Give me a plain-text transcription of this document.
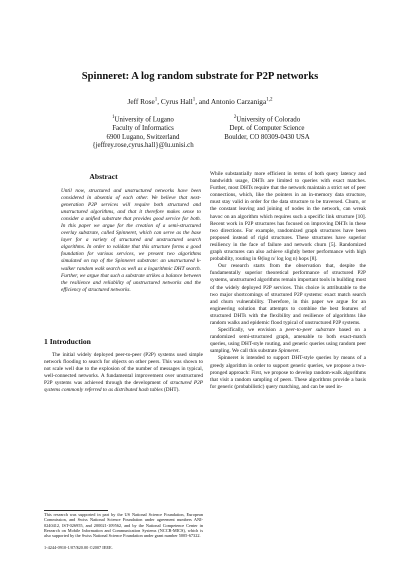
Spinneret: A log random substrate for P2P networks
Jeff Rose$^1$, Cyrus Hall$^1$, and Antonio Carzaniga$^{1,2}$
$^1$University of Lugano
Faculty of Informatics
6900 Lugano, Switzerland
{jeffrey.rose,cyrus.hall}@lu.unisi.ch
$^2$University of Colorado
Dept. of Computer Science
Boulder, CO 80309-0430 USA
Abstract
Until now, structured and unstructured networks have been considered in absentia of each other. We believe that next-generation P2P services will require both structured and unstructured algorithms, and that it therefore makes sense to consider a unified substrate that provides good service for both. In this paper we argue for the creation of a semi-structured overlay substrate, called Spinneret, which can serve as the base layer for a variety of structured and unstructured search algorithms. In order to validate that this structure forms a good foundation for various services, we present two algorithms simulated on top of the Spinneret substrate: an unstructured k-walker random walk search as well as a logarithmic DHT search. Further, we argue that such a substrate strikes a balance between the resilience and reliability of unstructured networks and the efficiency of structured networks.
1 Introduction

The initial widely deployed peer-to-peer (P2P) systems used simple network flooding to search for objects on other peers. This was shown to not scale well due to the explosion of the number of messages in typical, well-connected networks. A fundamental improvement over unstructured P2P systems was achieved through the development of structured P2P systems commonly referred to as distributed hash tables (DHT).

This research was supported in part by the US National Science Foundation, European Commission, and Swiss National Science Foundation under agreement numbers ANI-0240412, IST-026955, and 200021-109562, and by the National Competence Center in Research on Mobile Information and Communication Systems (NCCR-MICS), which is also supported by the Swiss National Science Foundation under grant number 5005-67322.

1-4244-0910-1/07/$20.00 ©2007 IEEE.

While substantially more efficient in terms of both query latency and bandwidth usage, DHTs are limited to queries with exact matches. Further, most DHTs require that the network maintain a strict set of peer connections, which, like the pointers in an in-memory data structure, must stay valid in order for the data structure to be traversed. Churn, or the constant leaving and joining of nodes in the network, can wreak havoc on an algorithm which requires such a specific link structure [10]. Recent work in P2P structures has focused on improving DHTs in these two directions. For example, randomized graph structures have been proposed instead of rigid structures. These structures have superior resiliency in the face of failure and network churn [5]. Randomized graph structures can also achieve slightly better performance with high probability, routing in Θ(log n/ log log n) hops [8].

Our research starts from the observation that, despite the fundamentally superior theoretical performance of structured P2P systems, unstructured algorithms remain important tools in building most of the widely deployed P2P services. This choice is attributable to the two major shortcomings of structured P2P systems: exact match search and churn vulnerability. Therefore, in this paper we argue for an engineering solution that attempts to combine the best features of structured DHTs with the flexibility and resilience of algorithms like random walks and epidemic flood typical of unstructured P2P systems.

Specifically, we envision a peer-to-peer substrate based on a randomized semi-structured graph, amenable to both exact-match queries, using DHT-style routing, and generic queries using random peer sampling. We call this substrate Spinneret.

Spinneret is intended to support DHT-style queries by means of a greedy algorithm in order to support generic queries, we propose a two-pronged approach: First, we propose to develop random-walk algorithms that visit a random sampling of peers. These algorithms provide a basis for generic (probabilistic) query matching, and can be used in-
